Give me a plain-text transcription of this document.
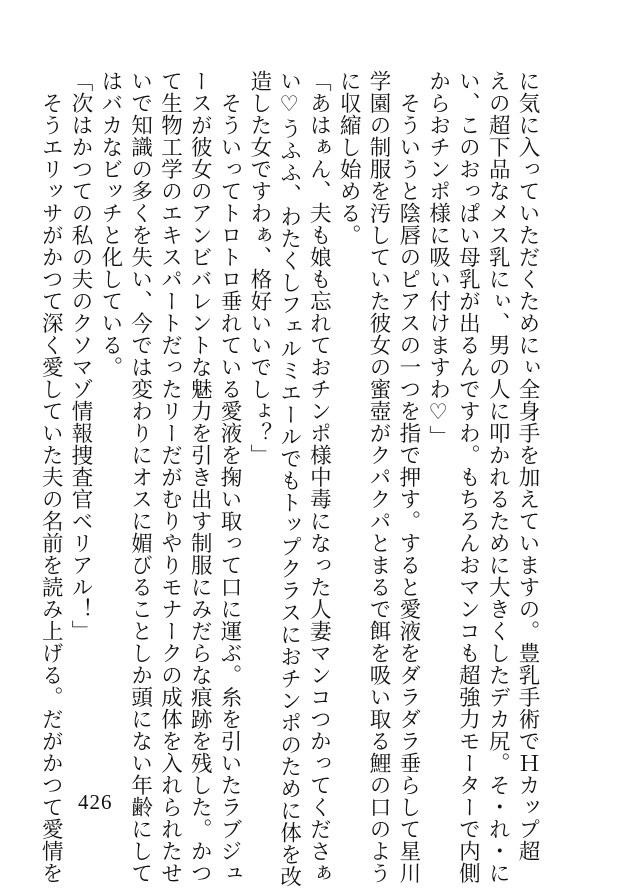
に気に入っていただくためにぃ全身手を加えていますの。豊乳手術でＨカップ超
えの超下品なメス乳にぃ、男の人に叩かれるために大きくしたデカ尻。そ・れ・に
い、このおっぱい母乳が出るんですわ。もちろんおマンコも超強力モーターで内側
からおチンポ様に吸い付けますわ♡」
　そういうと陰唇のピアスの一つを指で押す。すると愛液をダラダラ垂らして星川
学園の制服を汚していた彼女の蜜壺がクパクパとまるで餌を吸い取る鯉の口のよう
に収縮し始める。
「あはぁん、夫も娘も忘れておチンポ様中毒になった人妻マンコつかってくださぁ
い♡うふふ、わたくしフェルミエールでもトップクラスにおチンポのために体を改
造した女ですわぁ、格好いいでしょ？」
　そういってトロトロ垂れている愛液を掬い取って口に運ぶ。糸を引いたラブジュ
ースが彼女のアンビバレントな魅力を引き出す制服にみだらな痕跡を残した。かつ
て生物工学のエキスパートだったリーだがむりやりモナークの成体を入れられたせ
いで知識の多くを失い、今では変わりにオスに媚びることしか頭にない年齢にして
はバカなビッチと化している。
「次はかつての私の夫のクソマゾ情報捜査官ベリアル！」
　そうエリッサがかつて深く愛していた夫の名前を読み上げる。だがかつて愛情を 426
